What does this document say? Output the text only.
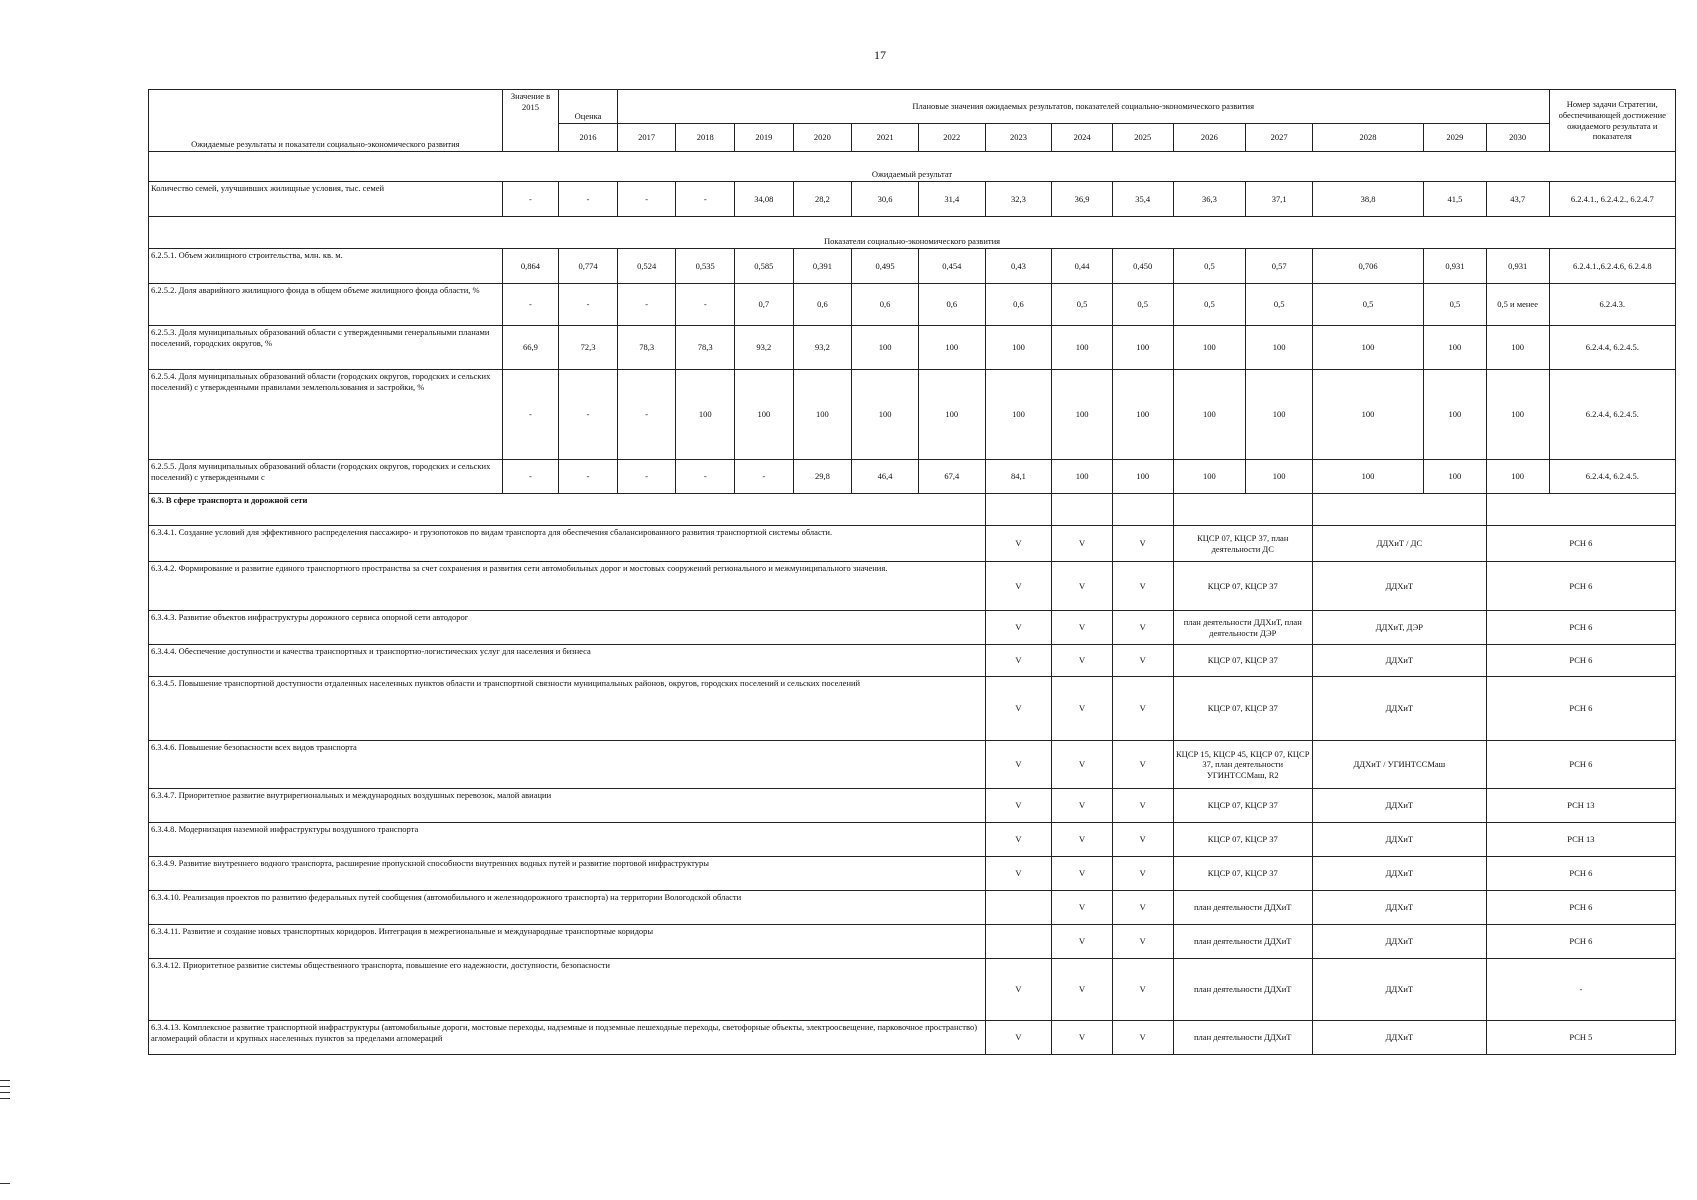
17
Ожидаемые результаты и показатели социально-экономического развития	Значение в 2015	Оценка	Плановые значения ожидаемых результатов, показателей социально-экономического развития														Номер задачи Стратегии, обеспечивающей достижение ожидаемого результата и показателя
		2016	2017	2018	2019	2020	2021	2022	2023	2024	2025	2026	2027	2028	2029	2030	
Ожидаемый результат																	
Количество семей, улучшивших жилищные условия, тыс. семей	-	-	-	-	34,08	28,2	30,6	31,4	32,3	36,9	35,4	36,3	37,1	38,8	41,5	43,7	6.2.4.1., 6.2.4.2., 6.2.4.7
Показатели социально-экономического развития																	
6.2.5.1. Объем жилищного строительства, млн. кв. м.	0,864	0,774	0,524	0,535	0,585	0,391	0,495	0,454	0,43	0,44	0,450	0,5	0,57	0,706	0,931	0,931	6.2.4.1.,6.2.4.6, 6.2.4.8
6.2.5.2. Доля аварийного жилищного фонда в общем объеме жилищного фонда области, %	-	-	-	-	0,7	0,6	0,6	0,6	0,6	0,5	0,5	0,5	0,5	0,5	0,5	0,5 и менее	6.2.4.3.
6.2.5.3. Доля муниципальных образований области с утвержденными генеральными планами поселений, городских округов, %	66,9	72,3	78,3	78,3	93,2	93,2	100	100	100	100	100	100	100	100	100	100	6.2.4.4, 6.2.4.5.
6.2.5.4. Доля муниципальных образований области (городских округов, городских и сельских поселений) с утвержденными правилами землепользования и застройки, %	-	-	-	100	100	100	100	100	100	100	100	100	100	100	100	100	6.2.4.4, 6.2.4.5.
6.2.5.5. Доля муниципальных образований области (городских округов, городских и сельских поселений) с утвержденными с	-	-	-	-	-	29,8	46,4	67,4	84,1	100	100	100	100	100	100	100	6.2.4.4, 6.2.4.5.
6.3. В сфере транспорта и дорожной сети																	
6.3.4.1. Создание условий для эффективного распределения пассажиро- и грузопотоков по видам транспорта для обеспечения сбалансированного развития транспортной системы области.									V	V	V	КЦСР 07, КЦСР 37, план деятельности ДС		ДДХиТ / ДС		РСН 6	
6.3.4.2. Формирование и развитие единого транспортного пространства за счет сохранения и развития сети автомобильных дорог и мостовых сооружений регионального и межмуниципального значения.									V	V	V	КЦСР 07, КЦСР 37		ДДХиТ		РСН 6	
6.3.4.3. Развитие объектов инфраструктуры дорожного сервиса опорной сети автодорог									V	V	V	план деятельности ДДХиТ, план деятельности ДЭР		ДДХиТ, ДЭР		РСН 6	
6.3.4.4. Обеспечение доступности и качества транспортных и транспортно-логистических услуг для населения и бизнеса									V	V	V	КЦСР 07, КЦСР 37		ДДХиТ		РСН 6	
6.3.4.5. Повышение транспортной доступности отдаленных населенных пунктов области и транспортной связности муниципальных районов, округов, городских поселений и сельских поселений									V	V	V	КЦСР 07, КЦСР 37		ДДХиТ		РСН 6	
6.3.4.6. Повышение безопасности всех видов транспорта									V	V	V	КЦСР 15, КЦСР 45, КЦСР 07, КЦСР 37, план деятельности УГИНТССМаш, R2		ДДХиТ / УГИНТССМаш		РСН 6	
6.3.4.7. Приоритетное развитие внутрирегиональных и международных воздушных перевозок, малой авиации									V	V	V	КЦСР 07, КЦСР 37		ДДХиТ		РСН 13	
6.3.4.8. Модернизация наземной инфраструктуры воздушного транспорта									V	V	V	КЦСР 07, КЦСР 37		ДДХиТ		РСН 13	
6.3.4.9. Развитие внутреннего водного транспорта, расширение пропускной способности внутренних водных путей и развитие портовой инфраструктуры									V	V	V	КЦСР 07, КЦСР 37		ДДХиТ		РСН 6	
6.3.4.10. Реализация проектов по развитию федеральных путей сообщения (автомобильного и железнодорожного транспорта) на территории Вологодской области										V	V	план деятельности ДДХиТ		ДДХиТ		РСН 6	
6.3.4.11. Развитие и создание новых транспортных коридоров. Интеграция в межрегиональные и международные транспортные коридоры										V	V	план деятельности ДДХиТ		ДДХиТ		РСН 6	
6.3.4.12. Приоритетное развитие системы общественного транспорта, повышение его надежности, доступности, безопасности									V	V	V	план деятельности ДДХиТ		ДДХиТ		-	
6.3.4.13. Комплексное развитие транспортной инфраструктуры (автомобильные дороги, мостовые переходы, надземные и подземные пешеходные переходы, светофорные объекты, электроосвещение, парковочное пространство) агломераций области и крупных населенных пунктов за пределами агломераций									V	V	V	план деятельности ДДХиТ		ДДХиТ		РСН 5	
